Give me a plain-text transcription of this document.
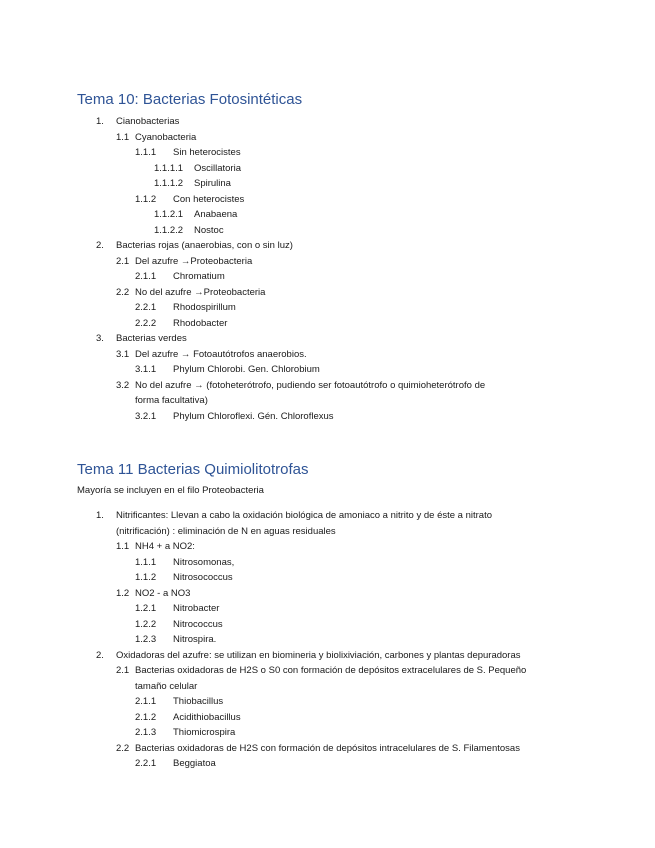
Tema 10: Bacterias Fotosintéticas
1. Cianobacterias
1.1 Cyanobacteria
1.1.1 Sin heterocistes
1.1.1.1 Oscillatoria
1.1.1.2 Spirulina
1.1.2 Con heterocistes
1.1.2.1 Anabaena
1.1.2.2 Nostoc
2. Bacterias rojas (anaerobias, con o sin luz)
2.1 Del azufre →Proteobacteria
2.1.1 Chromatium
2.2 No del azufre →Proteobacteria
2.2.1 Rhodospirillum
2.2.2 Rhodobacter
3. Bacterias verdes
3.1 Del azufre → Fotoautótrofos anaerobios.
3.1.1 Phylum Chlorobi. Gen. Chlorobium
3.2 No del azufre → (fotoheterótrofo, pudiendo ser fotoautótrofo o quimioheterótrofo de
forma facultativa)
3.2.1 Phylum Chloroflexi. Gén. Chloroflexus
Tema 11 Bacterias Quimiolitotrofas
Mayoría se incluyen en el filo Proteobacteria
1. Nitrificantes: Llevan a cabo la oxidación biológica de amoniaco a nitrito y de éste a nitrato
(nitrificación) : eliminación de N en aguas residuales
1.1 NH4 + a NO2:
1.1.1 Nitrosomonas,
1.1.2 Nitrosococcus
1.2 NO2 - a NO3
1.2.1 Nitrobacter
1.2.2 Nitrococcus
1.2.3 Nitrospira.
2. Oxidadoras del azufre: se utilizan en biomineria y biolixiviación, carbones y plantas depuradoras
2.1 Bacterias oxidadoras de H2S o S0 con formación de depósitos extracelulares de S. Pequeño
tamaño celular
2.1.1 Thiobacillus
2.1.2 Acidithiobacillus
2.1.3 Thiomicrospira
2.2 Bacterias oxidadoras de H2S con formación de depósitos intracelulares de S. Filamentosas
2.2.1 Beggiatoa
